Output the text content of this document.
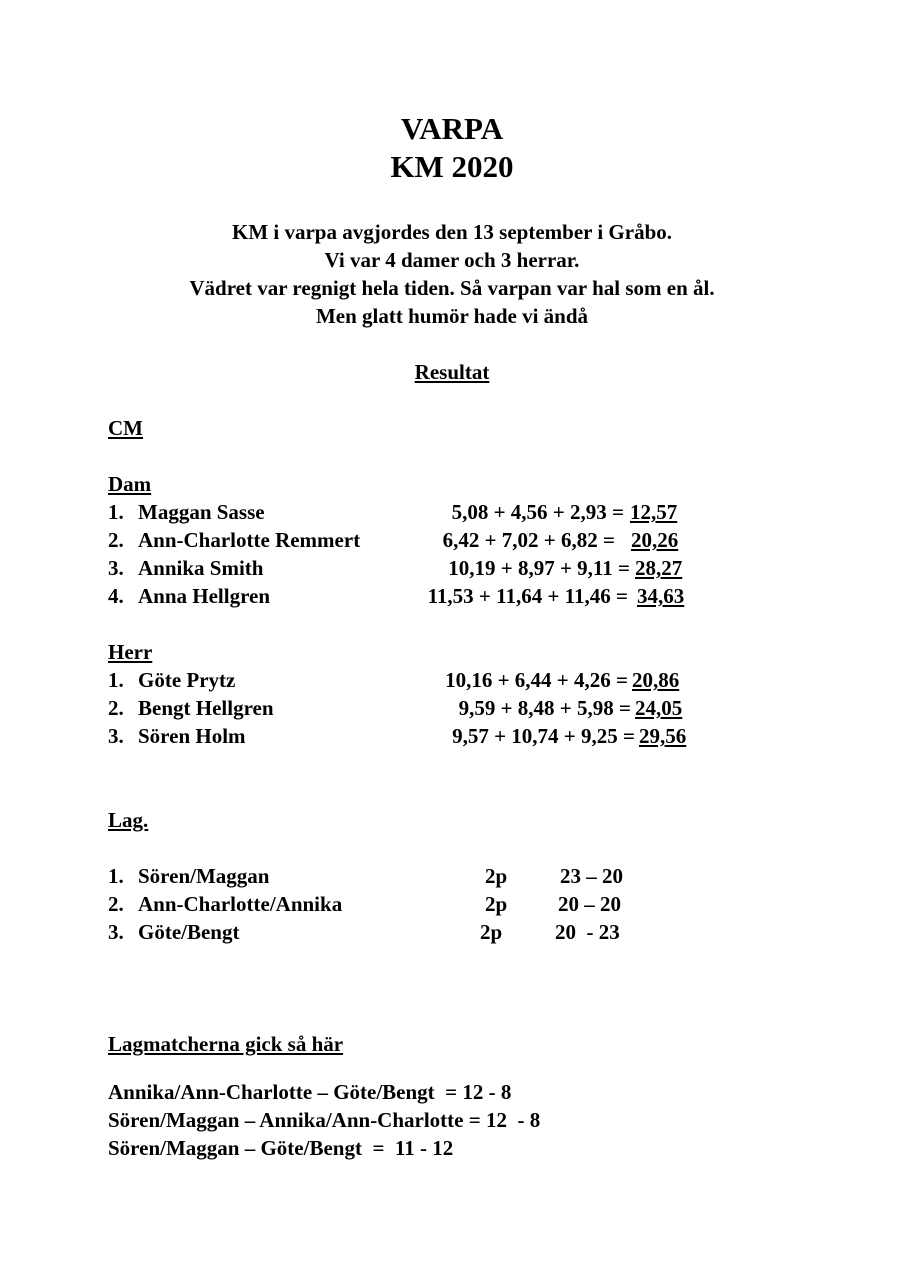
VARPA
KM 2020
KM i varpa avgjordes den 13 september i Gråbo.
Vi var 4 damer och 3 herrar.
Vädret var regnigt hela tiden. Så varpan var hal som en ål.
Men glatt humör hade vi ändå
Resultat
CM
Dam
1. Maggan Sasse	5,08 + 4,56 + 2,93 = 12,57
2. Ann-Charlotte Remmert	6,42 + 7,02 + 6,82 = 20,26
3. Annika Smith	10,19 + 8,97 + 9,11 = 28,27
4. Anna Hellgren	11,53 + 11,64 + 11,46 = 34,63
Herr
1. Göte Prytz	10,16 + 6,44 + 4,26 = 20,86
2. Bengt Hellgren	9,59 + 8,48 + 5,98 = 24,05
3. Sören Holm	9,57 + 10,74 + 9,25 = 29,56
Lag.
1. Sören/Maggan	2p	23 – 20
2. Ann-Charlotte/Annika	2p 20 – 20
3. Göte/Bengt	2p	20  - 23
Lagmatcherna gick så här
Annika/Ann-Charlotte – Göte/Bengt  = 12 - 8
Sören/Maggan – Annika/Ann-Charlotte = 12  - 8
Sören/Maggan – Göte/Bengt  =  11 - 12
